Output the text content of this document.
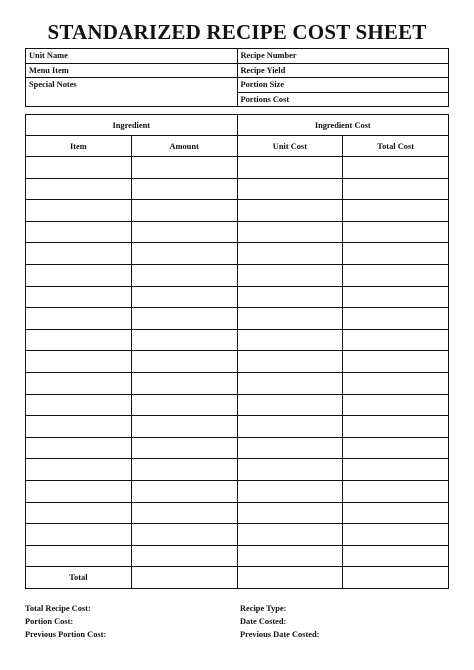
STANDARIZED RECIPE COST SHEET
Unit Name	Recipe Number
Menu Item	Recipe Yield
Special Notes	Portion Size
	Portions Cost
Ingredient		Ingredient Cost	
Item	Amount	Unit Cost	Total Cost

Total			
Total Recipe Cost:
Portion Cost:
Previous Portion Cost:
Recipe Type:
Date Costed:
Previous Date Costed:
